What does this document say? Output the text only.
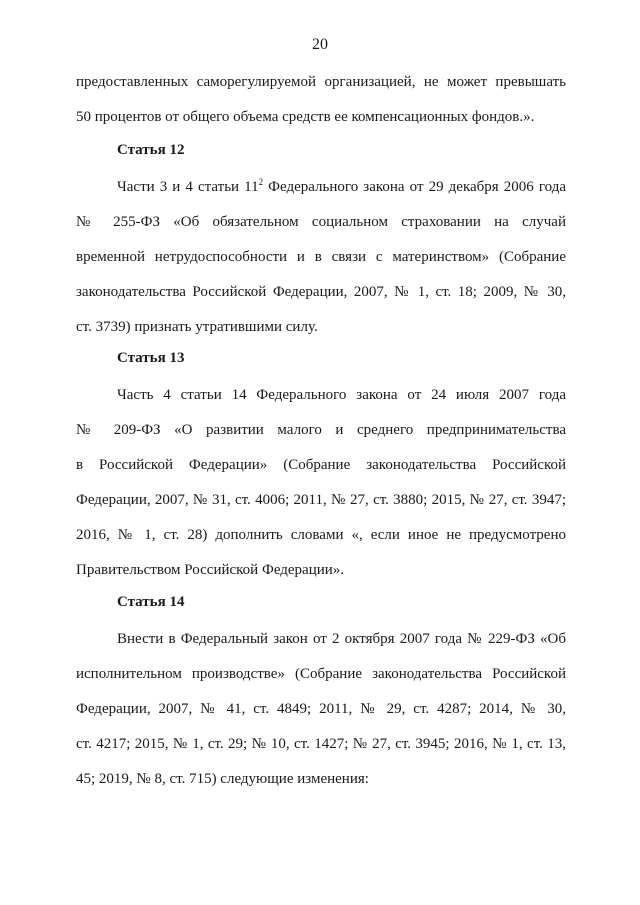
20
предоставленных саморегулируемой организацией, не может превышать
50 процентов от общего объема средств ее компенсационных фондов.».
Статья 12
Части 3 и 4 статьи $11^2$ Федерального закона от 29 декабря 2006 года
№ 255-ФЗ «Об обязательном социальном страховании на случай
временной нетрудоспособности и в связи с материнством» (Собрание
законодательства Российской Федерации, 2007, № 1, ст. 18; 2009, № 30,
ст. 3739) признать утратившими силу.
Статья 13
Часть 4 статьи 14 Федерального закона от 24 июля 2007 года
№ 209-ФЗ «О развитии малого и среднего предпринимательства
в Российской Федерации» (Собрание законодательства Российской
Федерации, 2007, № 31, ст. 4006; 2011, № 27, ст. 3880; 2015, № 27, ст. 3947;
2016, № 1, ст. 28) дополнить словами «, если иное не предусмотрено
Правительством Российской Федерации».
Статья 14
Внести в Федеральный закон от 2 октября 2007 года № 229-ФЗ «Об
исполнительном производстве» (Собрание законодательства Российской
Федерации, 2007, № 41, ст. 4849; 2011, № 29, ст. 4287; 2014, № 30,
ст. 4217; 2015, № 1, ст. 29; № 10, ст. 1427; № 27, ст. 3945; 2016, № 1, ст. 13,
45; 2019, № 8, ст. 715) следующие изменения:
